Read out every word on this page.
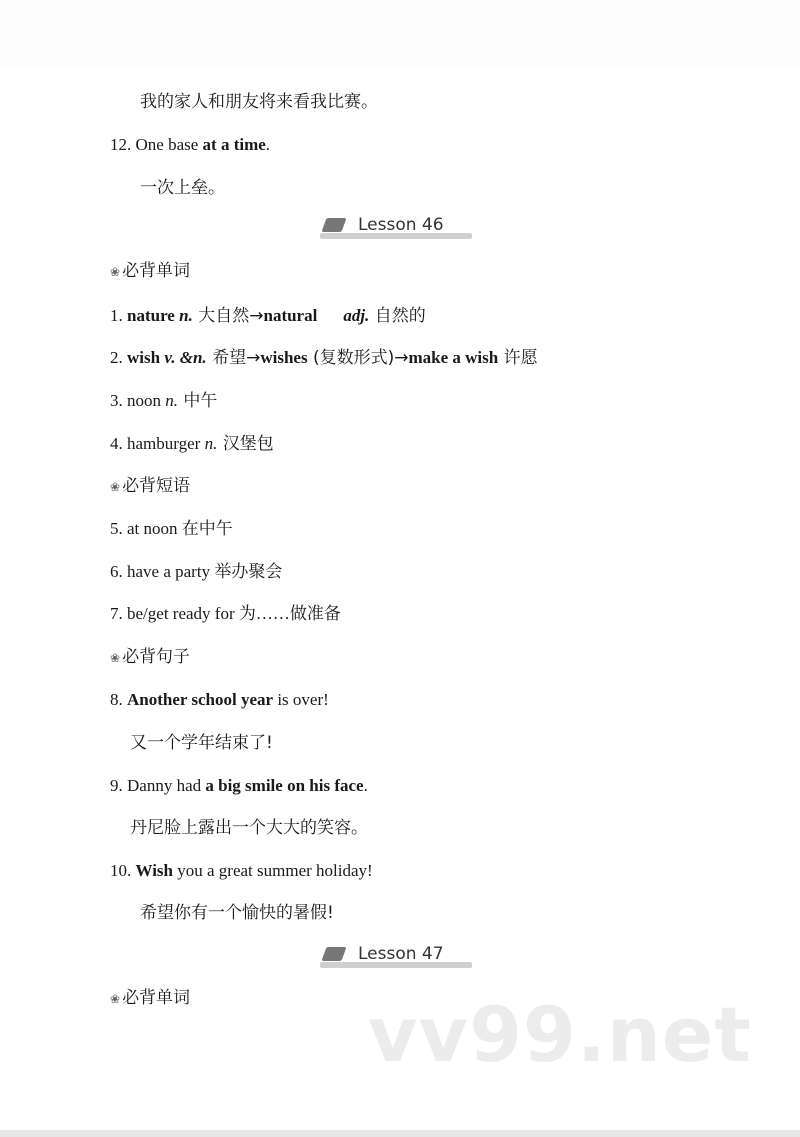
我的家人和朋友将来看我比赛。
12. One base at a time.
一次上垒。
Lesson 46
❀ 必背单词
1. nature n. 大自然→natural adj. 自然的
2. wish v. &n. 希望→wishes (复数形式)→make a wish 许愿
3. noon n. 中午
4. hamburger n. 汉堡包
❀ 必背短语
5. at noon 在中午
6. have a party 举办聚会
7. be/get ready for 为……做准备
❀ 必背句子
8. Another school year is over!
又一个学年结束了!
9. Danny had a big smile on his face.
丹尼脸上露出一个大大的笑容。
10. Wish you a great summer holiday!
希望你有一个愉快的暑假!
Lesson 47
❀ 必背单词 vv99.net
